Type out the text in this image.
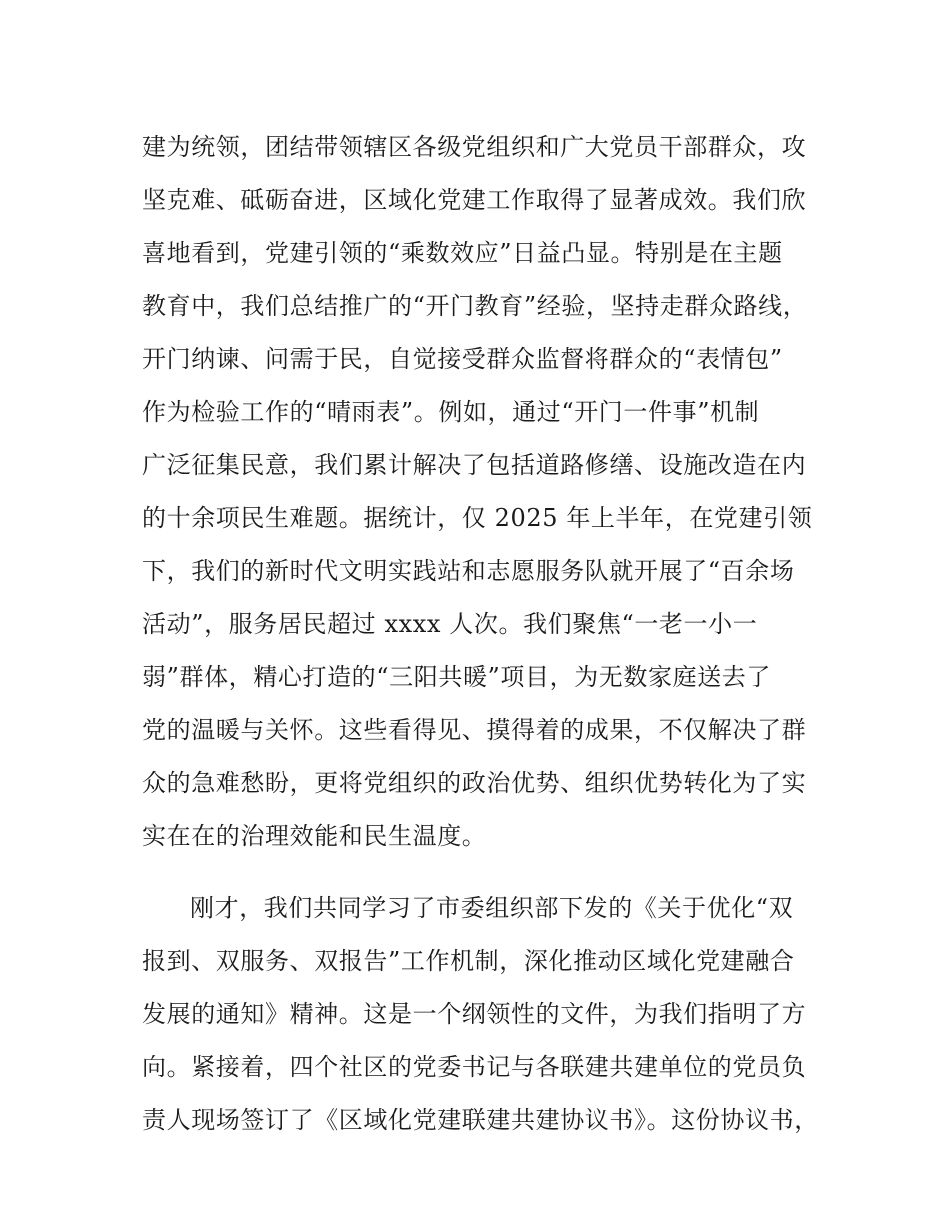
建为统领，团结带领辖区各级党组织和广大党员干部群众，攻
坚克难、砥砺奋进，区域化党建工作取得了显著成效。我们欣
喜地看到，党建引领的“乘数效应”日益凸显。特别是在主题
教育中，我们总结推广的“开门教育”经验，坚持走群众路线，
开门纳谏、问需于民，自觉接受群众监督将群众的“表情包”
作为检验工作的“晴雨表”。例如，通过“开门一件事”机制
广泛征集民意，我们累计解决了包括道路修缮、设施改造在内
的十余项民生难题。据统计，仅 2025 年上半年，在党建引领
下，我们的新时代文明实践站和志愿服务队就开展了“百余场
活动”，服务居民超过 xxxx 人次。我们聚焦“一老一小一
弱”群体，精心打造的“三阳共暖”项目，为无数家庭送去了
党的温暖与关怀。这些看得见、摸得着的成果，不仅解决了群
众的急难愁盼，更将党组织的政治优势、组织优势转化为了实
实在在的治理效能和民生温度。
刚才，我们共同学习了市委组织部下发的《关于优化“双
报到、双服务、双报告”工作机制，深化推动区域化党建融合
发展的通知》精神。这是一个纲领性的文件，为我们指明了方
向。紧接着，四个社区的党委书记与各联建共建单位的党员负
责人现场签订了《区域化党建联建共建协议书》。这份协议书，
